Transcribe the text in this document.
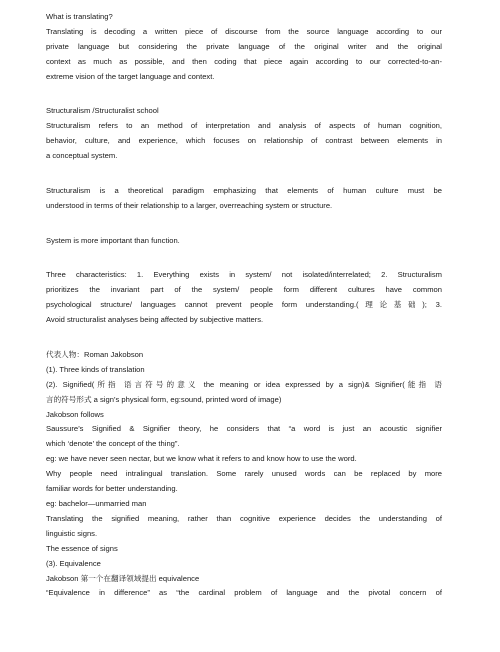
What is translating?
Translating is decoding a written piece of discourse from the source language according to our
private language but considering the private language of the original writer and the original
context as much as possible, and then coding that piece again according to our corrected-to-an-
extreme vision of the target language and context.
Structuralism /Structuralist school
Structuralism refers to an method of interpretation and analysis of aspects of human cognition,
behavior, culture, and experience, which focuses on relationship of contrast between elements in
a conceptual system.
Structuralism is a theoretical paradigm emphasizing that elements of human culture must be
understood in terms of their relationship to a larger, overreaching system or structure.
System is more important than function.
Three characteristics: 1. Everything exists in system/ not isolated/interrelated; 2. Structuralism
prioritizes the invariant part of the system/ people form different cultures have common
psychological structure/ languages cannot prevent people form understanding.(理论基础); 3.
Avoid structuralist analyses being affected by subjective matters.
代表人物：Roman Jakobson
(1). Three kinds of translation
(2). Signified(所指 语言符号的意义 the meaning or idea expressed by a sign)& Signifier(能指 语
言的符号形式 a sign’s physical form, eg:sound, printed word of image)
Jakobson follows
Saussure’s Signified & Signifier theory, he considers that “a word is just an acoustic signifier
which ‘denote’ the concept of the thing”.
eg: we have never seen nectar, but we know what it refers to and know how to use the word.
Why people need intralingual translation. Some rarely unused words can be replaced by more
familiar words for better understanding.
eg: bachelor—unmarried man
Translating the signified meaning, rather than cognitive experience decides the understanding of
linguistic signs.
The essence of signs
(3). Equivalence
Jakobson 第一个在翻译领域提出 equivalence
“Equivalence in difference” as “the cardinal problem of language and the pivotal concern of
